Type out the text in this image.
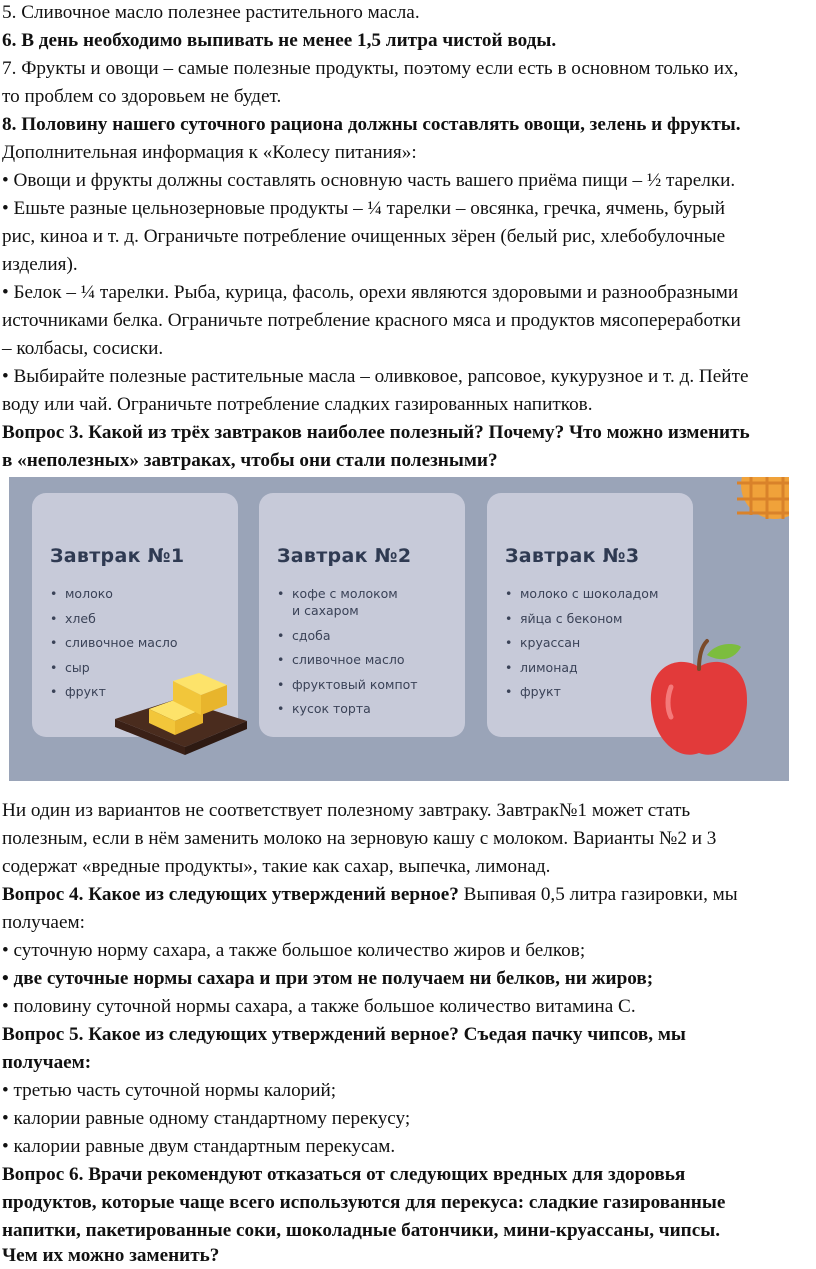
5. Сливочное масло полезнее растительного масла.
6. В день необходимо выпивать не менее 1,5 литра чистой воды.
7. Фрукты и овощи – самые полезные продукты, поэтому если есть в основном только их,
то проблем со здоровьем не будет.
8. Половину нашего суточного рациона должны составлять овощи, зелень и фрукты.
Дополнительная информация к «Колесу питания»:
• Овощи и фрукты должны составлять основную часть вашего приёма пищи – ½ тарелки.
• Ешьте разные цельнозерновые продукты – ¼ тарелки – овсянка, гречка, ячмень, бурый
рис, киноа и т. д. Ограничьте потребление очищенных зёрен (белый рис, хлебобулочные
изделия).
• Белок – ¼ тарелки. Рыба, курица, фасоль, орехи являются здоровыми и разнообразными
источниками белка. Ограничьте потребление красного мяса и продуктов мясопереработки
– колбасы, сосиски.
• Выбирайте полезные растительные масла – оливковое, рапсовое, кукурузное и т. д. Пейте
воду или чай. Ограничьте потребление сладких газированных напитков.
Вопрос 3. Какой из трёх завтраков наиболее полезный? Почему? Что можно изменить
в «неполезных» завтраках, чтобы они стали полезными?
Завтрак №1
• молоко
• хлеб
• сливочное масло
• сыр
• фрукт
Завтрак №2
• кофе с молоком
и сахаром
• сдоба
• сливочное масло
• фруктовый компот
• кусок торта
Завтрак №3
• молоко с шоколадом
• яйца с беконом
• круассан
• лимонад
• фрукт
Ни один из вариантов не соответствует полезному завтраку. Завтрак№1 может стать
полезным, если в нём заменить молоко на зерновую кашу с молоком. Варианты №2 и 3
содержат «вредные продукты», такие как сахар, выпечка, лимонад.
Вопрос 4. Какое из следующих утверждений верное? Выпивая 0,5 литра газировки, мы
получаем:
• суточную норму сахара, а также большое количество жиров и белков;
• две суточные нормы сахара и при этом не получаем ни белков, ни жиров;
• половину суточной нормы сахара, а также большое количество витамина С.
Вопрос 5. Какое из следующих утверждений верное? Съедая пачку чипсов, мы
получаем:
• третью часть суточной нормы калорий;
• калории равные одному стандартному перекусу;
• калории равные двум стандартным перекусам.
Вопрос 6. Врачи рекомендуют отказаться от следующих вредных для здоровья
продуктов, которые чаще всего используются для перекуса: сладкие газированные
напитки, пакетированные соки, шоколадные батончики, мини-круассаны, чипсы.
Чем их можно заменить?
